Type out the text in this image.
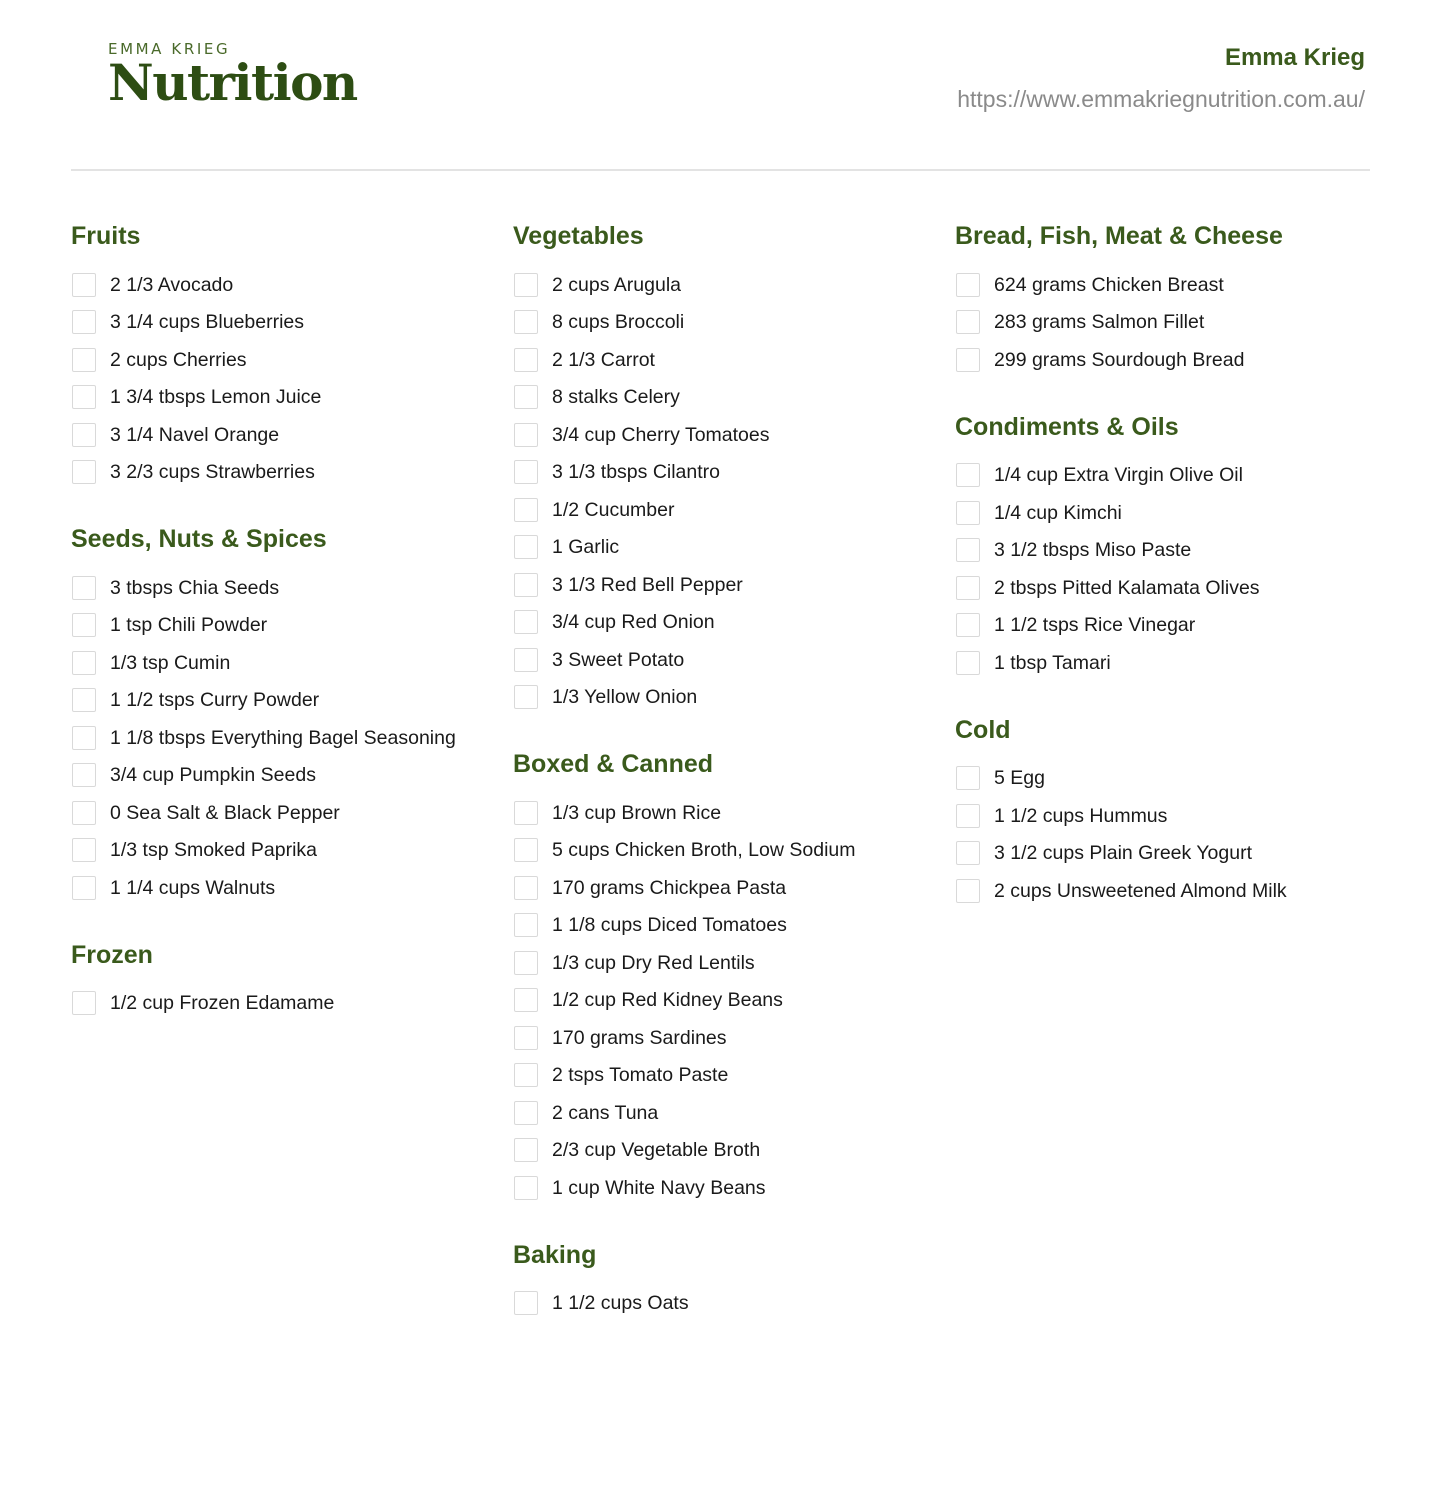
EMMA KRIEG
Nutrition	Emma Krieg
https://www.emmakriegnutrition.com.au/
Fruits
2 1/3 Avocado
3 1/4 cups Blueberries
2 cups Cherries
1 3/4 tbsps Lemon Juice
3 1/4 Navel Orange
3 2/3 cups Strawberries
Seeds, Nuts & Spices
3 tbsps Chia Seeds
1 tsp Chili Powder
1/3 tsp Cumin
1 1/2 tsps Curry Powder
1 1/8 tbsps Everything Bagel Seasoning
3/4 cup Pumpkin Seeds
0 Sea Salt & Black Pepper
1/3 tsp Smoked Paprika
1 1/4 cups Walnuts
Frozen
1/2 cup Frozen Edamame
Vegetables
2 cups Arugula
8 cups Broccoli
2 1/3 Carrot
8 stalks Celery
3/4 cup Cherry Tomatoes
3 1/3 tbsps Cilantro
1/2 Cucumber
1 Garlic
3 1/3 Red Bell Pepper
3/4 cup Red Onion
3 Sweet Potato
1/3 Yellow Onion
Boxed & Canned
1/3 cup Brown Rice
5 cups Chicken Broth, Low Sodium
170 grams Chickpea Pasta
1 1/8 cups Diced Tomatoes
1/3 cup Dry Red Lentils
1/2 cup Red Kidney Beans
170 grams Sardines
2 tsps Tomato Paste
2 cans Tuna
2/3 cup Vegetable Broth
1 cup White Navy Beans
Baking
1 1/2 cups Oats
Bread, Fish, Meat & Cheese
624 grams Chicken Breast
283 grams Salmon Fillet
299 grams Sourdough Bread
Condiments & Oils
1/4 cup Extra Virgin Olive Oil
1/4 cup Kimchi
3 1/2 tbsps Miso Paste
2 tbsps Pitted Kalamata Olives
1 1/2 tsps Rice Vinegar
1 tbsp Tamari
Cold
5 Egg
1 1/2 cups Hummus
3 1/2 cups Plain Greek Yogurt
2 cups Unsweetened Almond Milk
